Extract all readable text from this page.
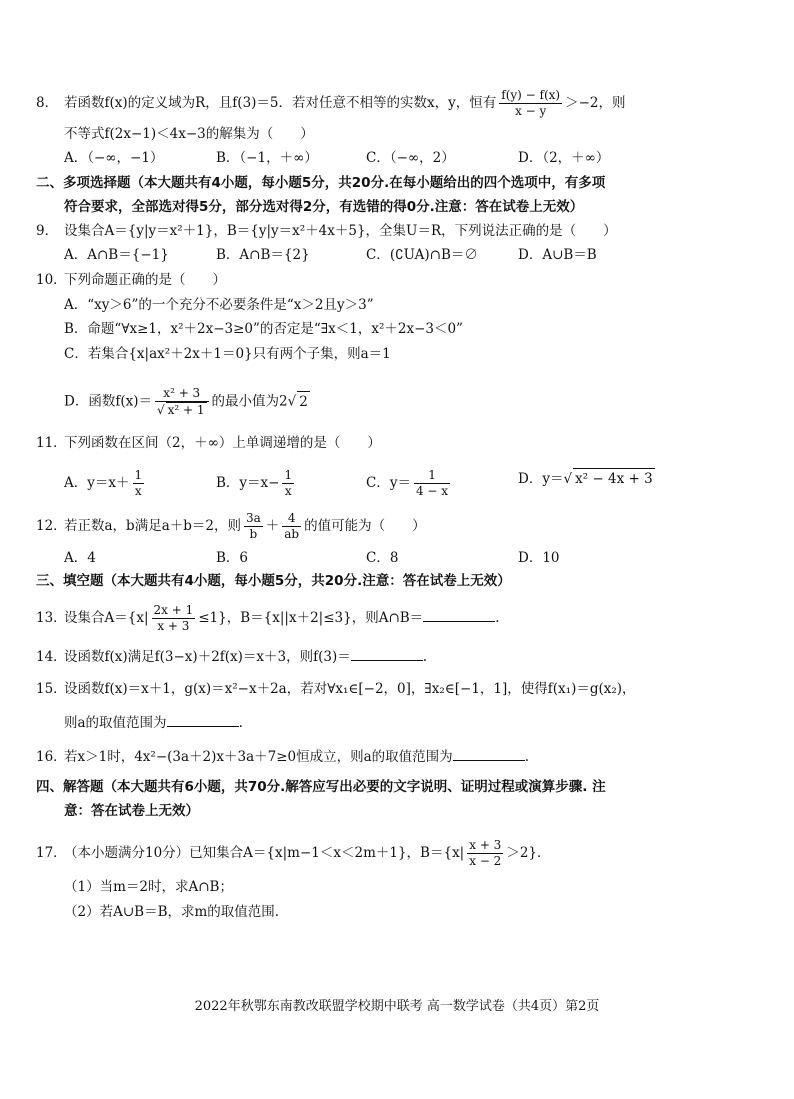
8． 若函数f(x)的定义域为R，且f(3)＝5．若对任意不相等的实数x，y，恒有 $\frac{f(y) - f(x)}{x - y} >-2$，则
不等式f(2x−1)＜4x−3的解集为（　　）
A．（−∞，−1）	B．（−1，＋∞）	C．（−∞，2）	D．（2，＋∞）
二、多项选择题（本大题共有4小题，每小题5分，共20分.在每小题给出的四个选项中，有多项
符合要求，全部选对得5分，部分选对得2分，有选错的得0分.注意：答在试卷上无效）
9． 设集合A＝{y|y＝x²＋1}，B＝{y|y＝x²＋4x＋5}，全集U＝R，下列说法正确的是（　　）
A．A∩B＝{−1}	B．A∩B＝{2}	C．(∁UA)∩B＝∅	D．A∪B＝B
10．下列命题正确的是（　　）
A．“xy＞6”的一个充分不必要条件是“x＞2且y＞3”
B．命题“∀x≥1，x²＋2x−3≥0”的否定是“∃x＜1，x²＋2x−3＜0”
C．若集合{x|ax²＋2x＋1＝0}只有两个子集，则a＝1
D．函数$f(x)= \frac{\text{x² + 3}}{\text{√ x² + 1}}$ 的最小值为2√ 2
11．下列函数在区间（2，＋∞）上单调递增的是（　　）
A．$y=x+ \frac{1}{x}$	B．$y=x- \frac{1}{x}$	C．$y= \frac{1}{4 - x}$	D．y＝√ x² − 4x + 3
12．若正数a，b满足a＋b＝2，则 $\frac{3a}{b} + \frac{4}{ab}$ 的值可能为（　　）
A．4	B．6	C．8	D．10
三、填空题（本大题共有4小题，每小题5分，共20分.注意：答在试卷上无效）
13．设集合$A=\{x| \frac{2x + 1}{x + 3} \le 1\}$，B＝{x||x＋2|≤3}，则A∩B＝	.
14．设函数f(x)满足f(3−x)＋2f(x)＝x＋3，则f(3)＝	.
15．设函数f(x)＝x＋1，g(x)＝x²−x＋2a，若对∀x₁∈[−2，0]，∃x₂∈[−1，1]，使得f(x₁)＝g(x₂)，
则a的取值范围为	.
16．若x＞1时，4x²−(3a＋2)x＋3a＋7≥0恒成立，则a的取值范围为	.
四、解答题（本大题共有6小题，共70分.解答应写出必要的文字说明、证明过程或演算步骤. 注
意：答在试卷上无效）
17．（本小题满分10分）已知集合A＝{x|m−1＜x＜2m＋1}，$B=\{x| \frac{x + 3}{x - 2} >2\}$．
（1）当m＝2时，求A∩B；
（2）若A∪B＝B，求m的取值范围.
2022年秋鄂东南教改联盟学校期中联考 高一数学试卷（共4页）第2页
